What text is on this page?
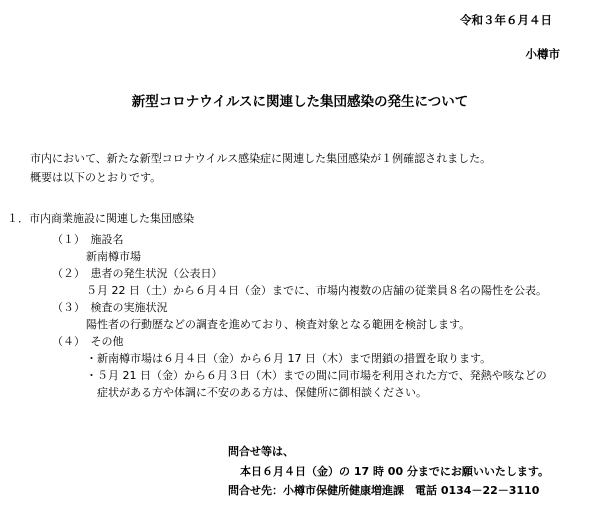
令和３年６月４日
小樽市
新型コロナウイルスに関連した集団感染の発生について
市内において、新たな新型コロナウイルス感染症に関連した集団感染が１例確認されました。
概要は以下のとおりです。
１．市内商業施設に関連した集団感染
（１）　施設名
新南樽市場
（２）　患者の発生状況（公表日）
５月 22 日（土）から６月４日（金）までに、市場内複数の店舗の従業員８名の陽性を公表。
（３）　検査の実施状況
陽性者の行動歴などの調査を進めており、検査対象となる範囲を検討します。
（４）　その他
・新南樽市場は６月４日（金）から６月 17 日（木）まで閉鎖の措置を取ります。
・５月 21 日（金）から６月３日（木）までの間に同市場を利用された方で、発熱や咳などの
　症状がある方や体調に不安のある方は、保健所に御相談ください。
問合せ等は、
本日６月４日（金）の 17 時 00 分までにお願いいたします。
問合せ先：小樽市保健所健康増進課　電話 0134－22－3110
